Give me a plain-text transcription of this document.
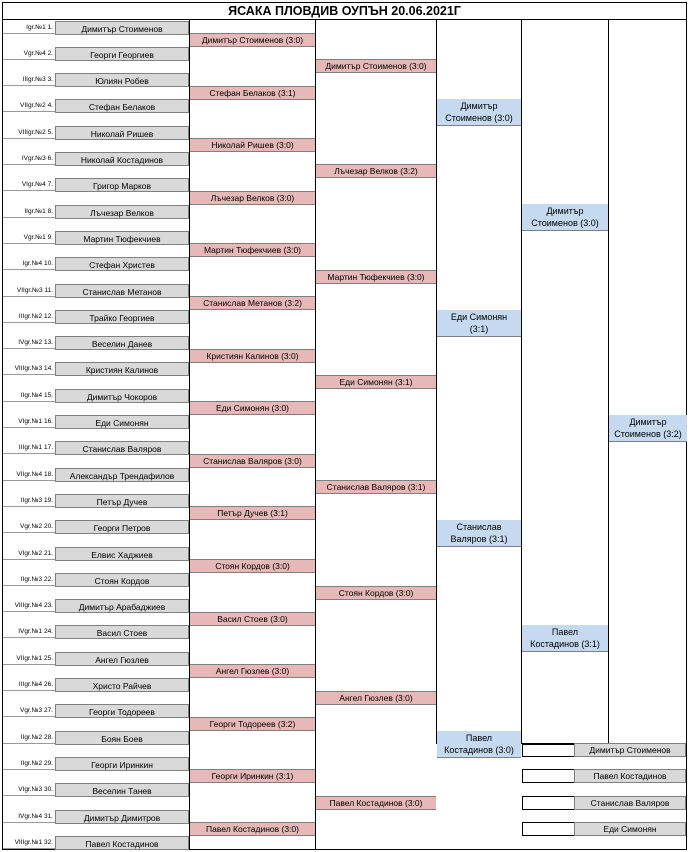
ЯСАКА ПЛОВДИВ ОУПЪН 20.06.2021Г
Igr.№1 1.	Димитър Стоименов
Vgr.№4 2.	Георги Георгиев
IIIgr.№3 3.	Юлиян Робев
VIIgr.№2 4.	Стефан Белаков
VIIIgr.№2 5.	Николай Ришев
IVgr.№3 6.	Николай Костадинов
VIgr.№4 7.	Григор Марков
IIgr.№1 8.	Лъчезар Велков
Vgr.№1 9.	Мартин Тюфекчиев
Igr.№4 10.	Стефан Христев
VIIgr.№3 11.	Станислав Метанов
IIIgr.№2 12.	Трайко Георгиев
IVgr.№2 13.	Веселин Данев
VIIIgr.№3 14.	Кристиян Калинов
IIgr.№4 15.	Димитър Чокоров
VIgr.№1 16.	Еди Симонян
IIIgr.№1 17.	Станислав Валяров
VIIgr.№4 18.	Александър Трендафилов
IIgr.№3 19.	Петър Дучев
Vgr.№2 20.	Георги Петров
VIgr.№2 21.	Елвис Хаджиев
IIgr.№3 22.	Стоян Кордов
VIIIgr.№4 23.	Димитър Арабаджиев
IVgr.№1 24.	Васил Стоев
VIIgr.№1 25.	Ангел Гюзлев
IIIgr.№4 26.	Христо Райчев
Vgr.№3 27.	Георги Тодореев
IIgr.№2 28.	Боян Боев
IIgr.№2 29.	Георги Иринкин
VIgr.№3 30.	Веселин Танев
IVgr.№4 31.	Димитър Димитров
VIIIgr.№1 32.	Павел Костадинов
Димитър Стоименов (3:0)
Стефан Белаков (3:1)
Николай Ришев (3:0)
Лъчезар Велков (3:0)
Мартин Тюфекчиев (3:0)
Станислав Метанов (3:2)
Кристиян Калинов (3:0)
Еди Симонян (3:0)
Станислав Валяров (3:0)
Петър Дучев (3:1)
Стоян Кордов (3:0)
Васил Стоев (3:0)
Ангел Гюзлев (3:0)
Георги Тодореев (3:2)
Георги Иринкин (3:1)
Павел Костадинов (3:0)
Димитър Стоименов (3:0)
Лъчезар Велков (3:2)
Мартин Тюфекчиев (3:0)
Еди Симонян (3:1)
Станислав Валяров (3:1)
Стоян Кордов (3:0)
Ангел Гюзлев (3:0)
Павел Костадинов (3:0)
Димитър
Стоименов (3:0)
Еди Симонян
(3:1)
Станислав
Валяров (3:1)
Павел
Костадинов (3:0)
Димитър
Стоименов (3:0)
Павел
Костадинов (3:1)
Димитър
Стоименов (3:2)
Димитър Стоименов
Павел Костадинов
Станислав Валяров
Еди Симонян
